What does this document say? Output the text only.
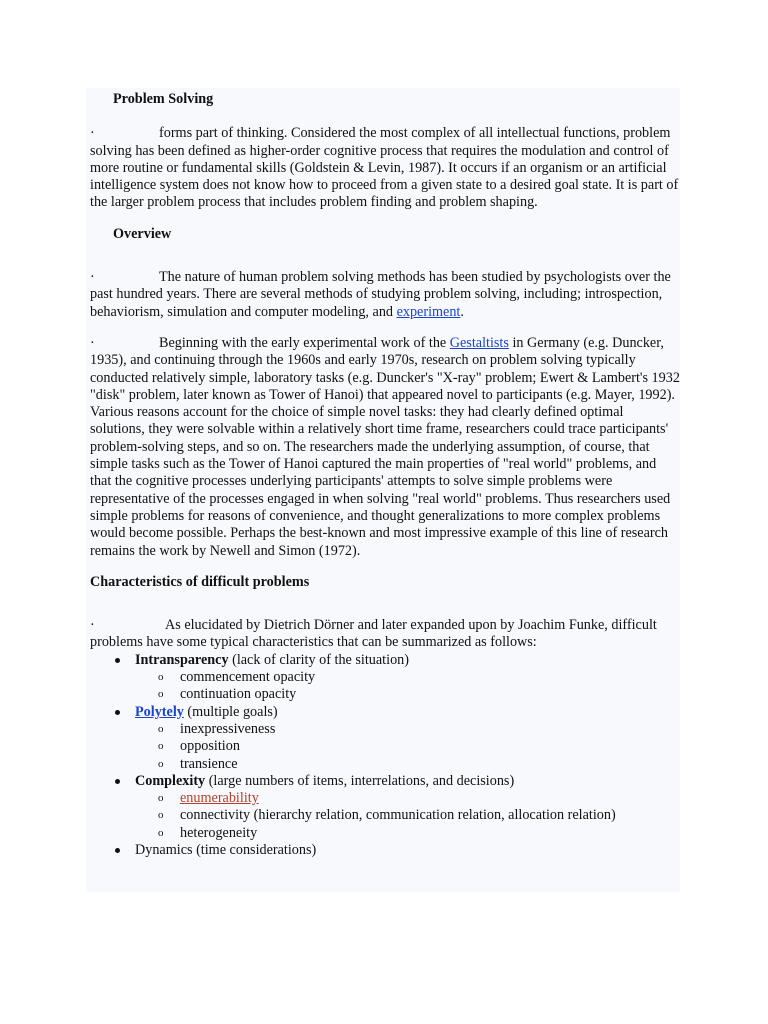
Problem Solving

·	forms part of thinking. Considered the most complex of all intellectual functions, problem solving has been defined as higher-order cognitive process that requires the modulation and control of more routine or fundamental skills (Goldstein & Levin, 1987). It occurs if an organism or an artificial intelligence system does not know how to proceed from a given state to a desired goal state. It is part of the larger problem process that includes problem finding and problem shaping.

Overview

·	The nature of human problem solving methods has been studied by psychologists over the past hundred years. There are several methods of studying problem solving, including; introspection, behaviorism, simulation and computer modeling, and experiment.

·	Beginning with the early experimental work of the Gestaltists in Germany (e.g. Duncker, 1935), and continuing through the 1960s and early 1970s, research on problem solving typically conducted relatively simple, laboratory tasks (e.g. Duncker's "X-ray" problem; Ewert & Lambert's 1932 "disk" problem, later known as Tower of Hanoi) that appeared novel to participants (e.g. Mayer, 1992). Various reasons account for the choice of simple novel tasks: they had clearly defined optimal solutions, they were solvable within a relatively short time frame, researchers could trace participants' problem-solving steps, and so on. The researchers made the underlying assumption, of course, that simple tasks such as the Tower of Hanoi captured the main properties of "real world" problems, and that the cognitive processes underlying participants' attempts to solve simple problems were representative of the processes engaged in when solving "real world" problems. Thus researchers used simple problems for reasons of convenience, and thought generalizations to more complex problems would become possible. Perhaps the best-known and most impressive example of this line of research remains the work by Newell and Simon (1972).

Characteristics of difficult problems

·	As elucidated by Dietrich Dörner and later expanded upon by Joachim Funke, difficult problems have some typical characteristics that can be summarized as follows:

Intransparency (lack of clarity of the situation)
o commencement opacity
o continuation opacity
Polytely (multiple goals)
o inexpressiveness
o opposition
o transience
Complexity (large numbers of items, interrelations, and decisions)
o enumerability
o connectivity (hierarchy relation, communication relation, allocation relation)
o heterogeneity
Dynamics (time considerations)
